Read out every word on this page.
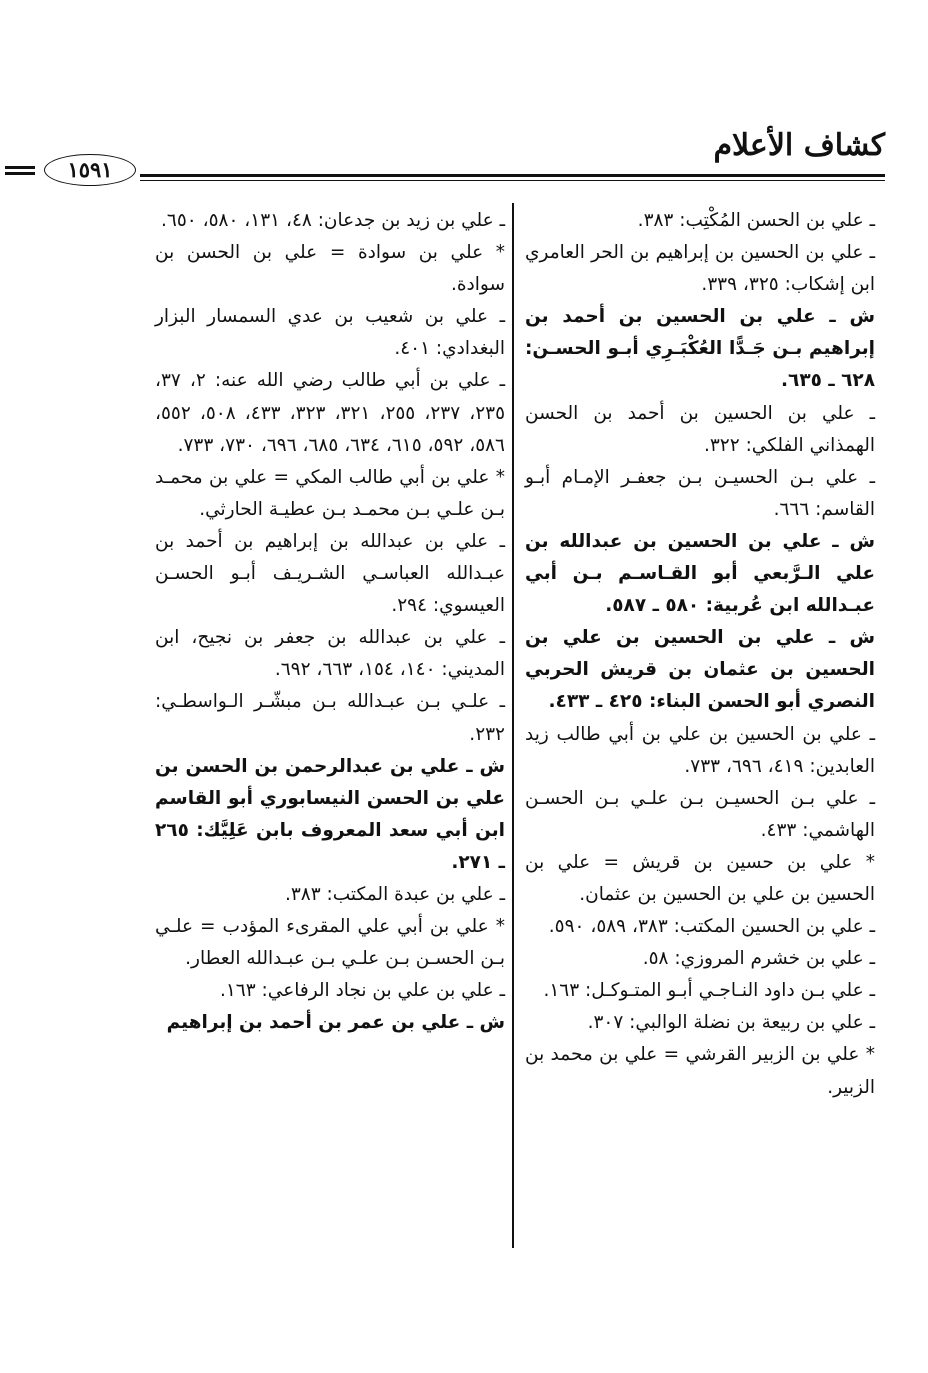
كشاف الأعلام
١٥٩١

ـ علي بن الحسن المُكْتِب: ٣٨٣.

ـ علي بن الحسين بن إبراهيم بن الحر العامري ابن إشكاب: ٣٢٥، ٣٣٩.

ش ـ علي بن الحسين بن أحمد بن إبراهيم بـن جَـدًّا العُكْبَـرِي أبـو الحسـن: ٦٢٨ ـ ٦٣٥.

ـ علي بن الحسين بن أحمد بن الحسن الهمذاني الفلكي: ٣٢٢.

ـ علي بـن الحسيـن بـن جعفـر الإمـام أبـو القاسم: ٦٦٦.

ش ـ علي بن الحسين بن عبدالله بن علي الـرَّبعي أبو القـاسـم بـن أبي عبـدالله ابن عُربية: ٥٨٠ ـ ٥٨٧.

ش ـ علي بن الحسين بن علي بن الحسين بن عثمان بن قريش الحربي النصري أبو الحسن البناء: ٤٢٥ ـ ٤٣٣.

ـ علي بن الحسين بن علي بن أبي طالب زيد العابدين: ٤١٩، ٦٩٦، ٧٣٣.

ـ علي بـن الحسيـن بـن علـي بـن الحسـن الهاشمي: ٤٣٣.

* علي بن حسين بن قريش = علي بن الحسين بن علي بن الحسين بن عثمان.

ـ علي بن الحسين المكتب: ٣٨٣، ٥٨٩، ٥٩٠.

ـ علي بن خشرم المروزي: ٥٨.

ـ علي بـن داود النـاجـي أبـو المتـوكـل: ١٦٣.

ـ علي بن ربيعة بن نضلة الوالبي: ٣٠٧.

* علي بن الزبير القرشي = علي بن محمد بن الزبير.

ـ علي بن زيد بن جدعان: ٤٨، ١٣١، ٥٨٠، ٦٥٠.

* علي بن سوادة = علي بن الحسن بن سوادة.

ـ علي بن شعيب بن عدي السمسار البزار البغدادي: ٤٠١.

ـ علي بن أبي طالب رضي الله عنه: ٢، ٣٧، ٢٣٥، ٢٣٧، ٢٥٥، ٣٢١، ٣٢٣، ٤٣٣، ٥٠٨، ٥٥٢، ٥٨٦، ٥٩٢، ٦١٥، ٦٣٤، ٦٨٥، ٦٩٦، ٧٣٠، ٧٣٣.

* علي بن أبي طالب المكي = علي بن محمـد بـن علـي بـن محمـد بـن عطيـة الحارثي.

ـ علي بن عبدالله بن إبراهيم بن أحمد بن عبـدالله العباسـي الشـريـف أبـو الحسـن العيسوي: ٢٩٤.

ـ علي بن عبدالله بن جعفر بن نجيح، ابن المديني: ١٤٠، ١٥٤، ٦٦٣، ٦٩٢.

ـ علـي بـن عبـدالله بـن مبشّـر الـواسطـي: ٢٣٢.

ش ـ علي بن عبدالرحمن بن الحسن بن علي بن الحسن النيسابوري أبو القاسم ابن أبي سعد المعروف بابن عَلِيَّك: ٢٦٥ ـ ٢٧١.

ـ علي بن عبدة المكتب: ٣٨٣.

* علي بن أبي علي المقرىء المؤدب = علـي بـن الحسـن بـن علـي بـن عبـدالله العطار.

ـ علي بن علي بن نجاد الرفاعي: ١٦٣.

ش ـ علي بن عمر بن أحمد بن إبراهيم
